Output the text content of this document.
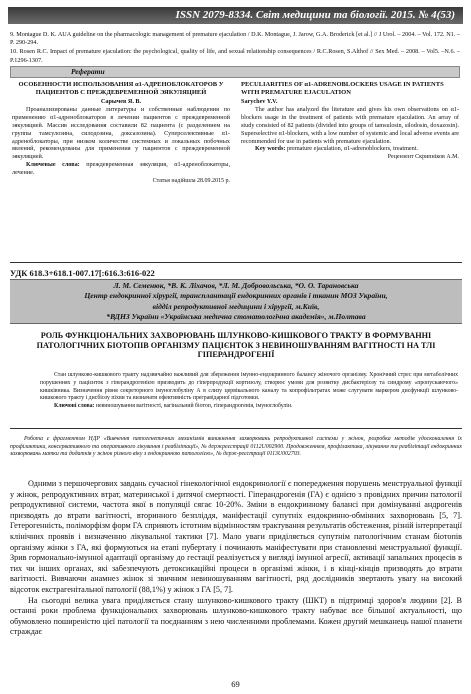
ISSN 2079-8334. Світ медицини та біології. 2015. № 4(53)

9. Montague D. K. AUA guideline on the pharmacologic management of premature ejaculation / D.K. Montague, J. Jarow, G.A. Broderick [et al.] // J Urol. – 2004. – Vol. 172. N1. – P. 290-294.

10. Rosen R.C. Impact of premature ejaculation: the psychological, quality of life, and sexual relationship consequences / R.C.Rosen, S.Althof // Sex Med. – 2008. – Vol5. –N.6. – P.1296-1307.

Реферати
ОСОБЕННОСТИ ИСПОЛЬЗОВАНИЯ α1-АДРЕНОБЛОКАТОРОВ У ПАЦИЕНТОВ С ПРЕЖДЕВРЕМЕННОЙ ЭЯКУЛЯЦИЕЙ
Сарычев Я. В.

Проанализированы данные литературы и собственные наблюдения по применению α1-адреноблокаторов в лечении пациентов с преждевременной эякуляцией. Массив исследования составили 82 пациента (с разделением на группы тамсулозина, силодозина, доксазозина). Суперселективные α1-адреноблокаторы, при низком количестве системных и локальных побочных явлений, рекомендованы для применения у пациентов с преждевременной эякуляцией.

Ключевые слова: преждевременная эякуляция, α1-адреноблокаторы, лечение.

Статья надійшла 28.09.2015 р.
PECULIARITIES OF α1-ADRENOBLOCKERS USAGE IN PATIENTS WITH PREMATURE EJACULATION
Sarychev Y.V.

The author has analyzed the literature and gives his own observations on α1-blockers usage in the treatment of patients with premature ejaculation. An array of study consisted of 82 patients (divided into groups of tamsulosin, silodosin, doxazosin). Superselective α1-blockers, with a low number of systemic and local adverse events are recommended for use in patients with premature ejaculation.

Key words: premature ejaculation, α1-adrenoblockers, treatment.

Рецензент Скрипніков А.М.
УДК 618.3+618.1-007.17[:616.3:616-022
Л. М. Семенюк, *В. К. Ліхачов, *Л. М. Добровольська, *О. О. Тарановська
Центр ендокринної хірургії, трансплантації ендокринних органів і тканин МОЗ України,
відділ репродуктивної медицини і хірургії, м.Київ,
*ВДНЗ України «Українська медична стоматологічна академія», м.Полтава
РОЛЬ ФУНКЦІОНАЛЬНИХ ЗАХВОРЮВАНЬ ШЛУНКОВО-КИШКОВОГО ТРАКТУ В ФОРМУВАННІ ПАТОЛОГІЧНИХ БІОТОПІВ ОРГАНІЗМУ ПАЦІЄНТОК З НЕВИНОШУВАННЯМ ВАГІТНОСТІ НА ТЛІ ГІПЕРАНДРОГЕНІЇ

Стан шлунково-кишкового тракту надзвичайно важливий для збереження імунно-ендокринного балансу жіночого організму. Хронічний стрес при метаболічних порушеннях у пацієнток з гіперандрогенією призводить до гіперпродукції кортизолу, створює умови для розвитку дисбактеріозу та синдрому «пропускаючого» кишківника. Визначення рівня секреторного імуноглобуліну А в слизу цервікального каналу та копрофільтратах може слугувати маркером дисфункції шлунково-кишкового тракту і дисбіозу піхви та визначати ефективність прегравідарної підготовки.

Ключові слова: невиношування вагітності, вагінальний біотоп, гіперандрогенія, імуноглобулін.

Робота є фрагментом НДР «Вивчення патогенетичних механізмів виникнення захворювань репродуктивної системи у жінок, розробка методів удосконалення їх профілактики, консервативного та оперативного лікування і реабілітації», № держреєстрації 0112U002900. Продовженням, профілактика, лікування та реабілітації ендокринних захворювань матки та додатків у жінок різного віку з ендокринною патологією», № держ-реєстрації 0113U002703.

Одними з першочергових завдань сучасної гінекологічної ендокринології є попередження порушень менструальної функції у жінок, репродуктивних втрат, материнської і дитячої смертності. Гіперандрогенія (ГА) є однією з провідних причин патології репродуктивної системи, частота якої в популяції сягає 10-20%. Зміни в ендокринному балансі при домінуванні андрогенів призводять до втрати вагітності, вторинного безпліддя, маніфестації супутніх ендокринно-обмінних захворювань [5, 7]. Гетерогенність, поліморфізм форм ГА сприяють істотним відмінностям трактування результатів обстеження, різній інтерпретації клінічних проявів і визначенню лікувальної тактики [7]. Мало уваги приділяється супутнім патологічним станам біотопів організму жінки з ГА, які формуються на етапі пубертату і починають маніфестувати при становленні менструальної функції. Зрив гормонально-імунної адаптації організму до гестації реалізується у вигляді імунної агресії, активації запальних процесів в тих чи інших органах, які забезпечують детоксикаційні процеси в організмі жінки, і в кінці-кінців призводять до втрати вагітності. Вивчаючи анамнез жінок зі звичним невиношуванням вагітності, ряд дослідників звертають увагу на високий відсоток екстрагенітальної патології (88,1%) у жінок з ГА [5, 7].

На сьогодні велика увага приділяється стану шлунково-кишкового тракту (ШКТ) в підтримці здоров'я людини [2]. В останні роки проблема функціональних захворювань шлунково-кишкового тракту набуває все більшої актуальності, що обумовлено поширеністю цієї патології та поєднанням з нею численними проблемами. Кожен другий мешканець нашої планети страждає

69
